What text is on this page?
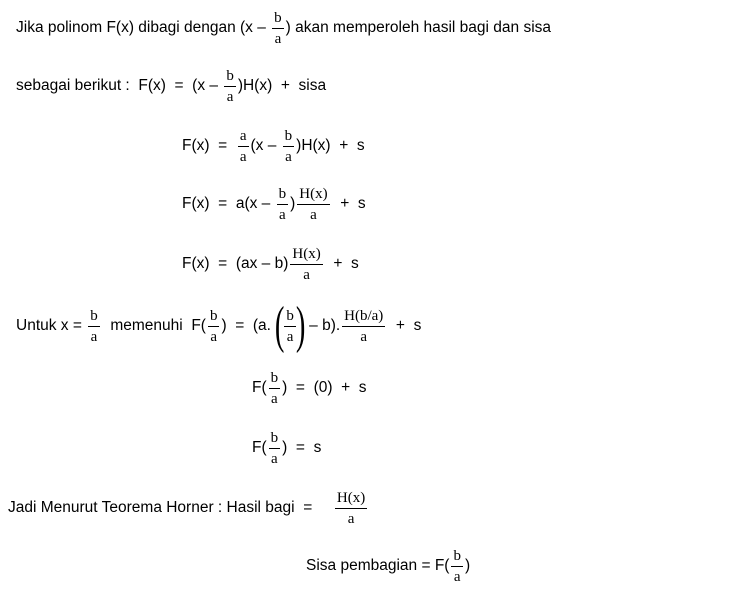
Jika polinom F(x) dibagi dengan ($x - \frac{b}{a}$ ) akan memperoleh hasil bagi dan sisa
sebagai berikut :  $F(x) = (x - \frac{b}{a} )H(x)$  +  sisa
$F(x) = \frac{a}{a} (x - \frac{b}{a} )H(x) + s$
$F(x) = a(x - \frac{b}{a}$ ) $\frac{H(x)}{a} + s$
$F(x) = (ax - b) \frac{H(x)}{a} + s$
Untuk $x = \frac{b}{a}$ memenuhi  $F( \frac{b}{a}$ )  =  (a. ( $\frac{b}{a}$ ) – b). $\frac{H(b/a)}{a} + s$
$F( \frac{b}{a}$ )  =  (0)  +  s
$F( \frac{b}{a}$ )  =  s
Jadi Menurut Teorema Horner : Hasil bagi  = $\frac{H(x)}{a}$
Sisa pembagian = $F( \frac{b}{a}$ )
